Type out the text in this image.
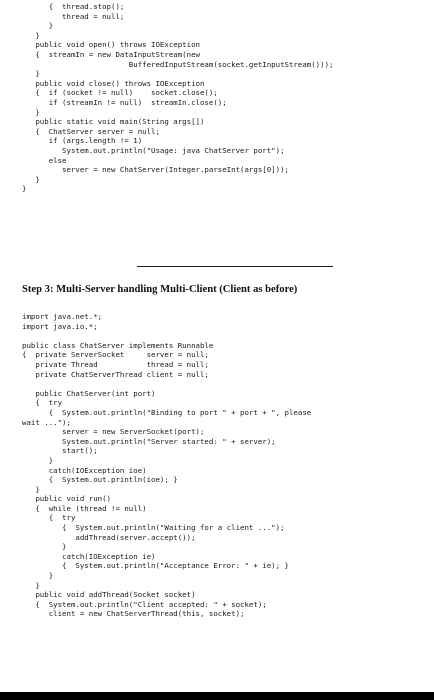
{  thread.stop();
thread = null;
}
}
public void open() throws IOException
{  streamIn = new DataInputStream(new
BufferedInputStream(socket.getInputStream()));
}
public void close() throws IOException
{  if (socket != null)    socket.close();
if (streamIn != null)  streamIn.close();
}
public static void main(String args[])
{  ChatServer server = null;
if (args.length != 1)
System.out.println("Usage: java ChatServer port");
else
server = new ChatServer(Integer.parseInt(args[0]));
}
}
Step 3: Multi-Server handling Multi-Client (Client as before)
import java.net.*;
import java.io.*;

public class ChatServer implements Runnable
{  private ServerSocket     server = null;
private Thread           thread = null;
private ChatServerThread client = null;

public ChatServer(int port)
{  try
{  System.out.println("Binding to port " + port + ", please
wait ...");
server = new ServerSocket(port);
System.out.println("Server started: " + server);
start();
}
catch(IOException ioe)
{  System.out.println(ioe); }
}
public void run()
{  while (thread != null)
{  try
{  System.out.println("Waiting for a client ...");
addThread(server.accept());
}
catch(IOException ie)
{  System.out.println("Acceptance Error: " + ie); }
}
}
public void addThread(Socket socket)
{  System.out.println("Client accepted: " + socket);
client = new ChatServerThread(this, socket);
